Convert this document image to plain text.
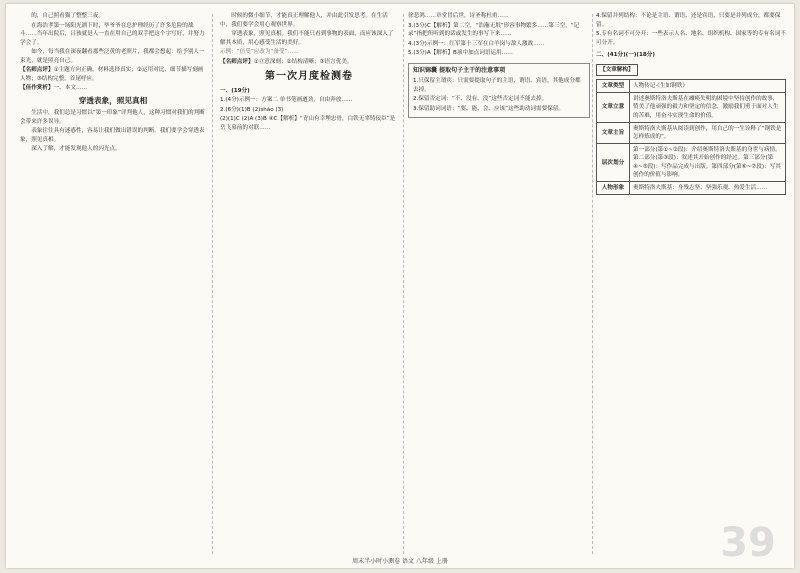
的，自己照看猫了整整三夜。

在海浩孝第一场阳光洒下时，毕爷爷在总护理经历了许多危险的战斗……当年出院后，吕孩就是人一直在用自己的双手把这个字写好，并努力学会了。

如今，每当我在深夜翻看那些泛黄的老照片，我都会想起：给予别人一束光，就是照亮自己。

【名师点评】①主题方向正确，材料选择真实；②运用对比、细节描写刻画人物；③结构完整，首尾呼应。

【佳作赏析】一、本文……

穿透表象，照见真相

生活中，我们总是习惯以“第一印象”评判他人，这种习惯对我们的判断会带来许多误导。

表象往往具有迷惑性，容易让我们做出错误的判断。我们要学会穿透表象，照见真相。

深入了解，才能发现他人的闪光点。

时候的微小细节，才能真正理解他人，并由此引发思考。在生活中，我们要学会用心观察世界。

穿透表象，照见真相。我们不能只看到事物的表面，而应该深入了解其本质，用心感受生活的美好。

示例：“倍受”应改为“备受”……

【名师点评】①立意深刻；②结构清晰；③语言优美。

第一次月度检测卷

一、(19分)

1.(4分)示例一：方案二 单书笔画遒劲，自由奔放……

2.(6分)(1)B (2)sháo (3)

(2)(1)C (2)A (3)B ④C【解析】“青山有幸埋忠骨，白铁无辜铸佞臣”是岳飞墓前的对联……

徐悲鸿……章堂冒后世，诗圣称杜甫……

3.(3分)C【解析】第二空，“浩瀚无垠”形容事物繁多……第三空，“记录”指把所听到的话或发生的事写下来……

4.(3分)示例一：红军第十三军在白羊岗与敌人激战……

5.(3分)A【解析】B项中加点词语运用……

知识锦囊 提取句子主干的注意事项

1.只保留主谓宾：只需要提取句子的主语、谓语、宾语，其他成分都去掉。

2.保留否定词：“不、没有、没”这些否定词不能去掉。

3.保留助词词语：“要、能、会、应该”这些助动词需要保留。

4.保留并列结构：不论是主语、谓语、还是宾语，只要是并列成分，都要保留。

5.专有名词不可分开：一些表示人名、地名、组织机构、国家等的专有名词不可分开。

二、(41分)(一)(18分)

【文章解构】
文章类型	人物传记·《生如钢铁》
文章立意	讲述奥斯特洛夫斯基在瘫痪失明的困境中坚持创作的故事，赞美了他顽强的毅力和坚定的信念，激励我们勇于面对人生的苦难，用奋斗实现生命的价值。
文章主旨	奥斯特洛夫斯基从阅读到创作，用自己的一生诠释了“钢铁是怎样炼成的”。
层次划分	第一部分(第①~②段)：介绍奥斯特洛夫斯基的身世与病情。第二部分(第③段)：叙述其开始创作的经过。第三部分(第④~⑤段)：写作品完成与出版。第四部分(第⑥~⑦段)：写其创作的价值与影响。
人物形象	奥斯特洛夫斯基：身残志坚、坚强乐观、热爱生活……
39
周末半小时小测卷 语文 八年级 上册
